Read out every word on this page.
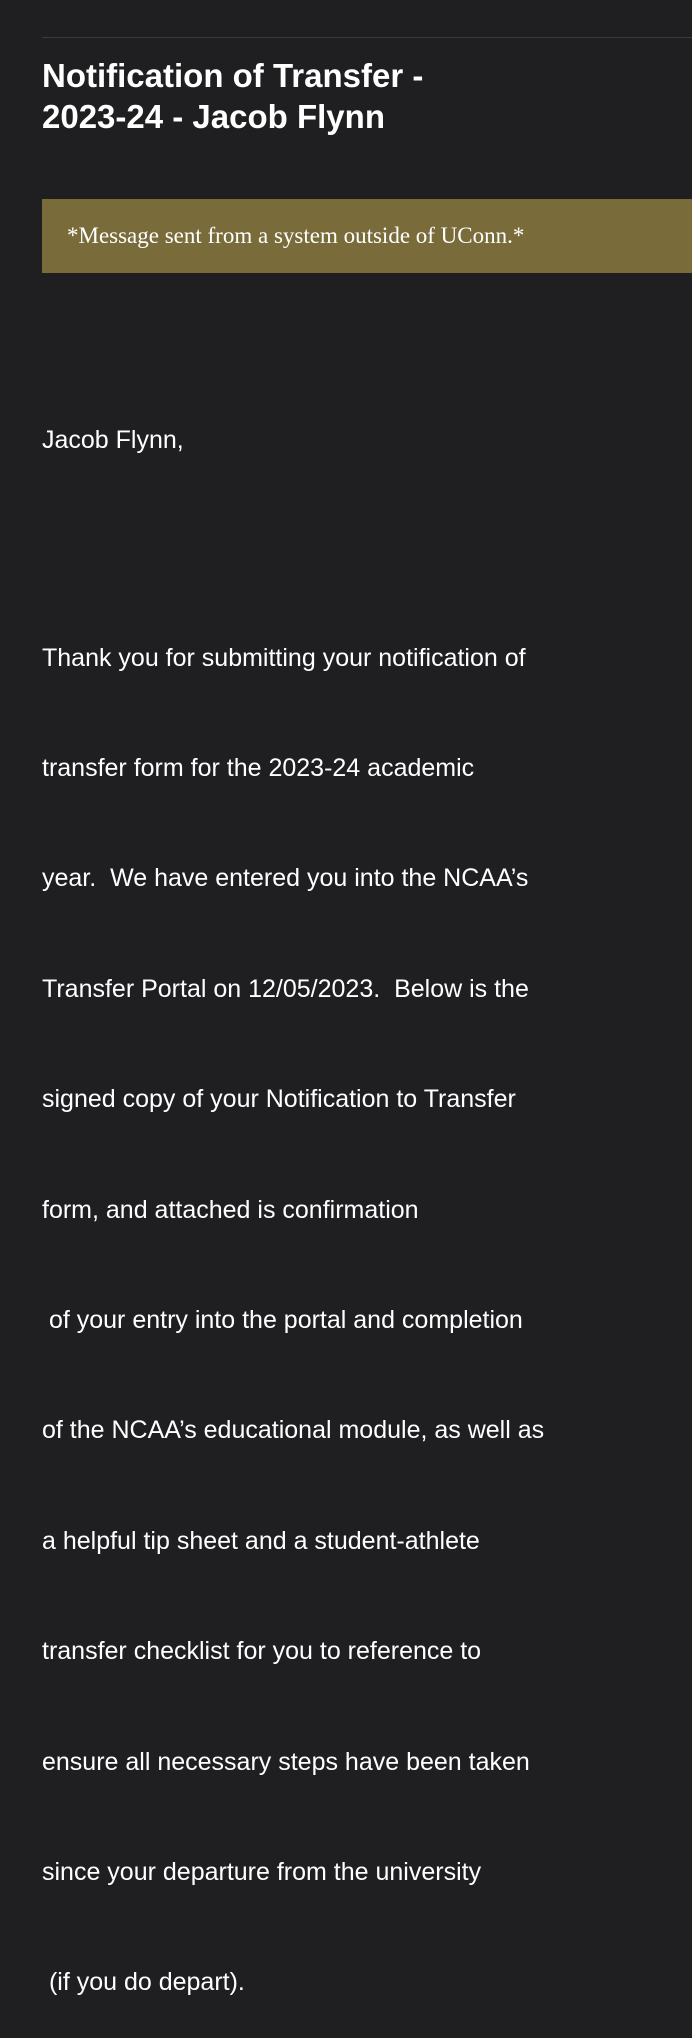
Notification of Transfer -
2023-24 - Jacob Flynn
*Message sent from a system outside of UConn.*

Jacob Flynn,

Thank you for submitting your notification of

transfer form for the 2023-24 academic

year.  We have entered you into the NCAA’s

Transfer Portal on 12/05/2023.  Below is the

signed copy of your Notification to Transfer

form, and attached is confirmation

of your entry into the portal and completion

of the NCAA’s educational module, as well as

a helpful tip sheet and a student-athlete

transfer checklist for you to reference to

ensure all necessary steps have been taken

since your departure from the university

(if you do depart).
